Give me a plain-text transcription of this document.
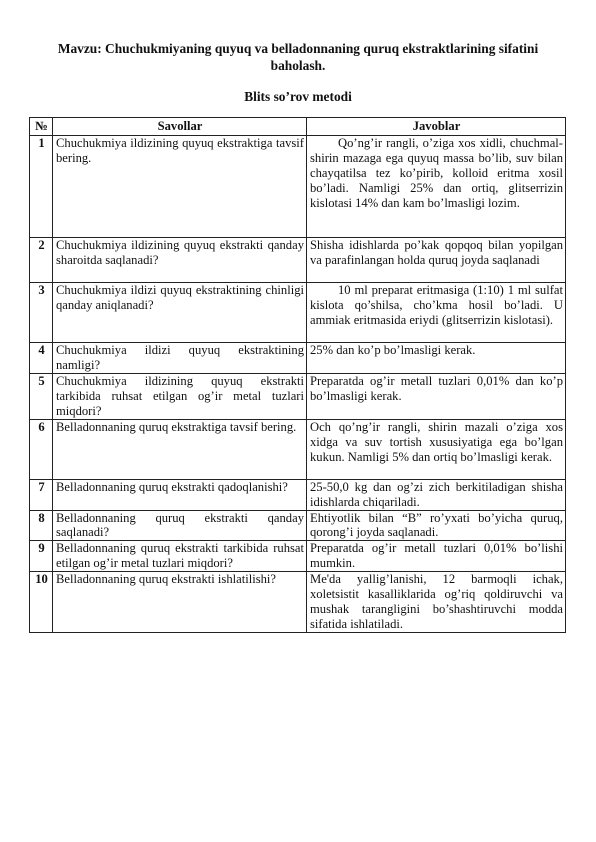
Mavzu: Chuchukmiyaning quyuq va belladonnaning quruq ekstraktlarining sifatini baholash.
Blits so’rov metodi
№	Savollar	Javoblar
1	Chuchukmiya ildizining quyuq ekstraktiga tavsif bering.	Qo’ng’ir rangli, o’ziga xos xidli, chuchmal-shirin mazaga ega quyuq massa bo’lib, suv bilan chayqatilsa tez ko’pirib, kolloid eritma xosil bo’ladi. Namligi 25% dan ortiq, glitserrizin kislotasi 14% dan kam bo’lmasligi lozim.
2	Chuchukmiya ildizining quyuq ekstrakti qanday sharoitda saqlanadi?	Shisha idishlarda po’kak qopqoq bilan yopilgan va parafinlangan holda quruq joyda saqlanadi
3	Chuchukmiya ildizi quyuq ekstraktining chinligi qanday aniqlanadi?	10 ml preparat eritmasiga (1:10) 1 ml sulfat kislota qo’shilsa, cho’kma hosil bo’ladi. U ammiak eritmasida eriydi (glitserrizin kislotasi).
4	Chuchukmiya ildizi quyuq ekstraktining namligi?	25% dan ko’p bo’lmasligi kerak.
5	Chuchukmiya ildizining quyuq ekstrakti tarkibida ruhsat etilgan og’ir metal tuzlari miqdori?	Preparatda og’ir metall tuzlari 0,01% dan ko’p bo’lmasligi kerak.
6	Belladonnaning quruq ekstraktiga tavsif bering.	Och qo’ng’ir rangli, shirin mazali o’ziga xos xidga va suv tortish xususiyatiga ega bo’lgan kukun. Namligi 5% dan ortiq bo’lmasligi kerak.
7	Belladonnaning quruq ekstrakti qadoqlanishi?	25-50,0 kg dan og’zi zich berkitiladigan shisha idishlarda chiqariladi.
8	Belladonnaning quruq ekstrakti qanday saqlanadi?	Ehtiyotlik bilan “B” ro’yxati bo’yicha quruq, qorong’i joyda saqlanadi.
9	Belladonnaning quruq ekstrakti tarkibida ruhsat etilgan og’ir metal tuzlari miqdori?	Preparatda og’ir metall tuzlari 0,01% bo’lishi mumkin.
10	Belladonnaning quruq ekstrakti ishlatilishi?	Me'da yallig’lanishi, 12 barmoqli ichak, xoletsistit kasalliklarida og’riq qoldiruvchi va mushak tarangligini bo’shashtiruvchi modda sifatida ishlatiladi.
